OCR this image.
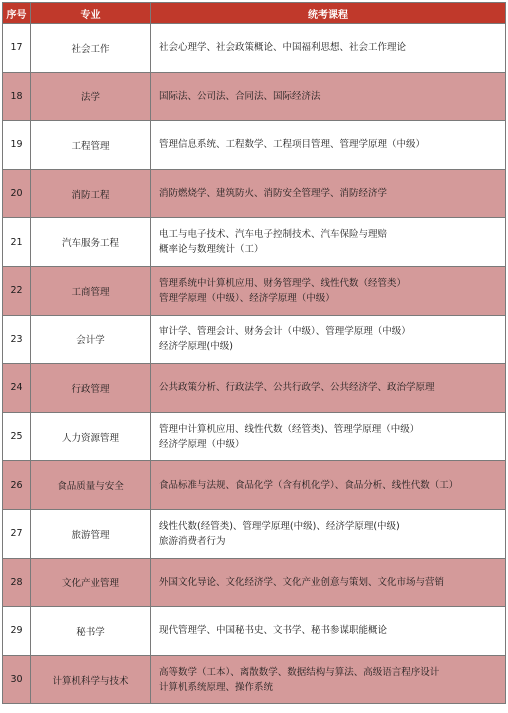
序号	专业	统考课程
17	社会工作	社会心理学、社会政策概论、中国福利思想、社会工作理论

18	法学	国际法、公司法、合同法、国际经济法

19	工程管理	管理信息系统、工程数学、工程项目管理、管理学原理（中级）

20	消防工程	消防燃烧学、建筑防火、消防安全管理学、消防经济学

21	汽车服务工程	电工与电子技术、汽车电子控制技术、汽车保险与理赔
概率论与数理统计（工）

22	工商管理	管理系统中计算机应用、财务管理学、线性代数（经管类）
管理学原理（中级）、经济学原理（中级）

23	会计学	审计学、管理会计、财务会计（中级）、管理学原理（中级）
经济学原理(中级)

24	行政管理	公共政策分析、行政法学、公共行政学、公共经济学、政治学原理

25	人力资源管理	管理中计算机应用、线性代数（经管类)、管理学原理（中级）
经济学原理（中级）

26	食品质量与安全	食品标准与法规、食品化学（含有机化学）、食品分析、线性代数（工）

27	旅游管理	线性代数(经管类)、管理学原理(中级)、经济学原理(中级)
旅游消费者行为

28	文化产业管理	外国文化导论、文化经济学、文化产业创意与策划、文化市场与营销

29	秘书学	现代管理学、中国秘书史、文书学、秘书参谋职能概论

30	计算机科学与技术	高等数学（工本）、离散数学、数据结构与算法、高级语言程序设计
计算机系统原理、操作系统
